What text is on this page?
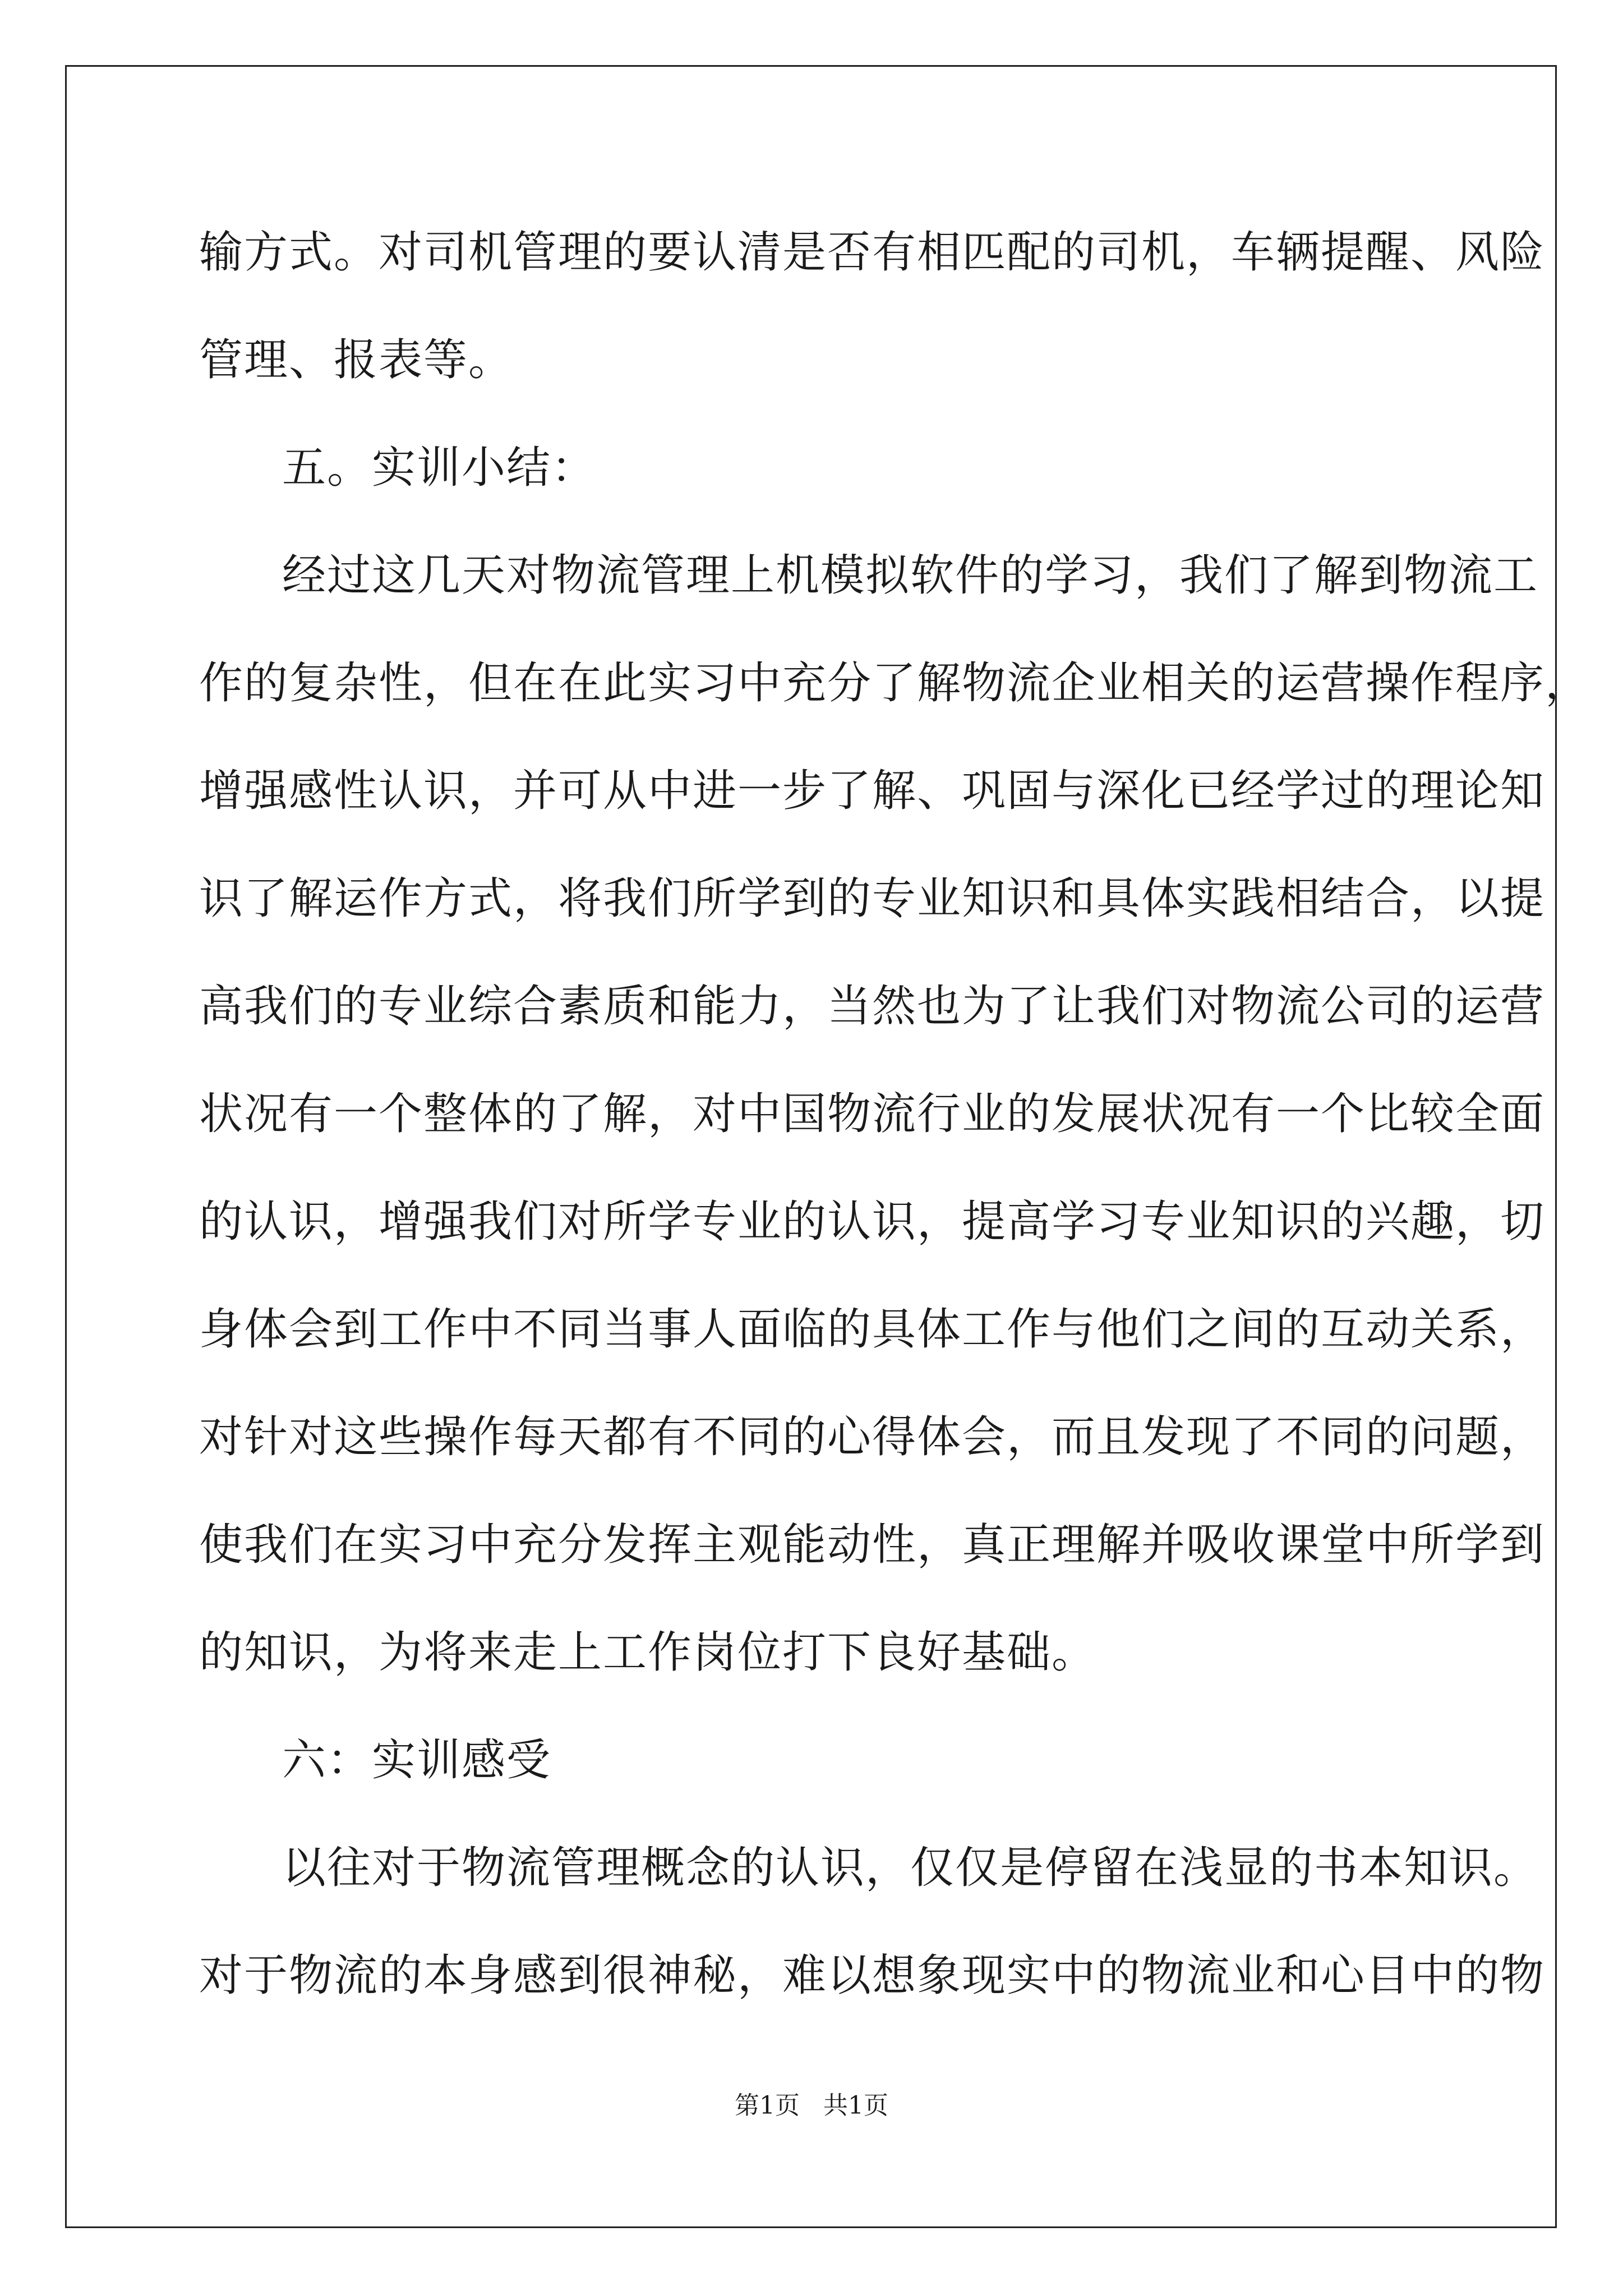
输方式。对司机管理的要认清是否有相匹配的司机，车辆提醒、风险
管理、报表等。
五。实训小结：
经过这几天对物流管理上机模拟软件的学习，我们了解到物流工
作的复杂性，但在在此实习中充分了解物流企业相关的运营操作程序，
增强感性认识，并可从中进一步了解、巩固与深化已经学过的理论知
识了解运作方式，将我们所学到的专业知识和具体实践相结合，以提
高我们的专业综合素质和能力，当然也为了让我们对物流公司的运营
状况有一个整体的了解，对中国物流行业的发展状况有一个比较全面
的认识，增强我们对所学专业的认识，提高学习专业知识的兴趣，切
身体会到工作中不同当事人面临的具体工作与他们之间的互动关系，
对针对这些操作每天都有不同的心得体会，而且发现了不同的问题，
使我们在实习中充分发挥主观能动性，真正理解并吸收课堂中所学到
的知识，为将来走上工作岗位打下良好基础。
六：实训感受
以往对于物流管理概念的认识，仅仅是停留在浅显的书本知识。
对于物流的本身感到很神秘，难以想象现实中的物流业和心目中的物
第1页 共1页
